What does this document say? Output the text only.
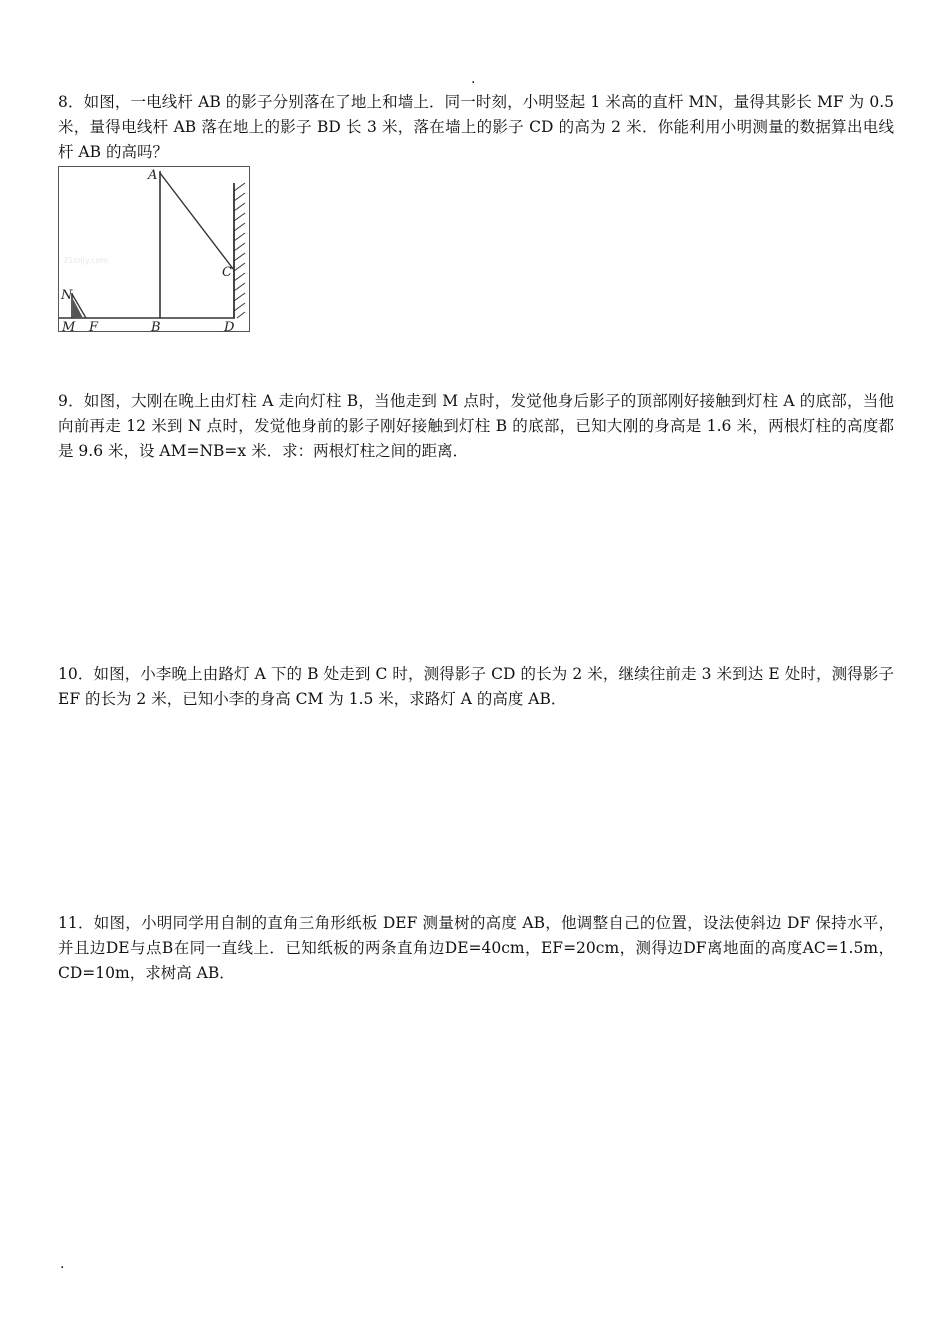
.

8．如图，一电线杆 AB 的影子分别落在了地上和墙上．同一时刻，小明竖起 1 米高的直杆 MN，量得其影长 MF 为 0.5 米，量得电线杆 AB 落在地上的影子 BD 长 3 米，落在墙上的影子 CD 的高为 2 米．你能利用小明测量的数据算出电线杆 AB 的高吗？

21cnjy.com
A
B
C
D
M
N
F

9．如图，大刚在晚上由灯柱 A 走向灯柱 B，当他走到 M 点时，发觉他身后影子的顶部刚好接触到灯柱 A 的底部，当他向前再走 12 米到 N 点时，发觉他身前的影子刚好接触到灯柱 B 的底部，已知大刚的身高是 1.6 米，两根灯柱的高度都是 9.6 米，设 AM=NB=x 米．求：两根灯柱之间的距离．

10．如图，小李晚上由路灯 A 下的 B 处走到 C 时，测得影子 CD 的长为 2 米，继续往前走 3 米到达 E 处时，测得影子 EF 的长为 2 米，已知小李的身高 CM 为 1.5 米，求路灯 A 的高度 AB．

11．如图，小明同学用自制的直角三角形纸板 DEF 测量树的高度 AB，他调整自己的位置，设法使斜边 DF 保持水平，并且边DE与点B在同一直线上．已知纸板的两条直角边DE=40cm，EF=20cm，测得边DF离地面的高度AC=1.5m，CD=10m，求树高 AB．

.
